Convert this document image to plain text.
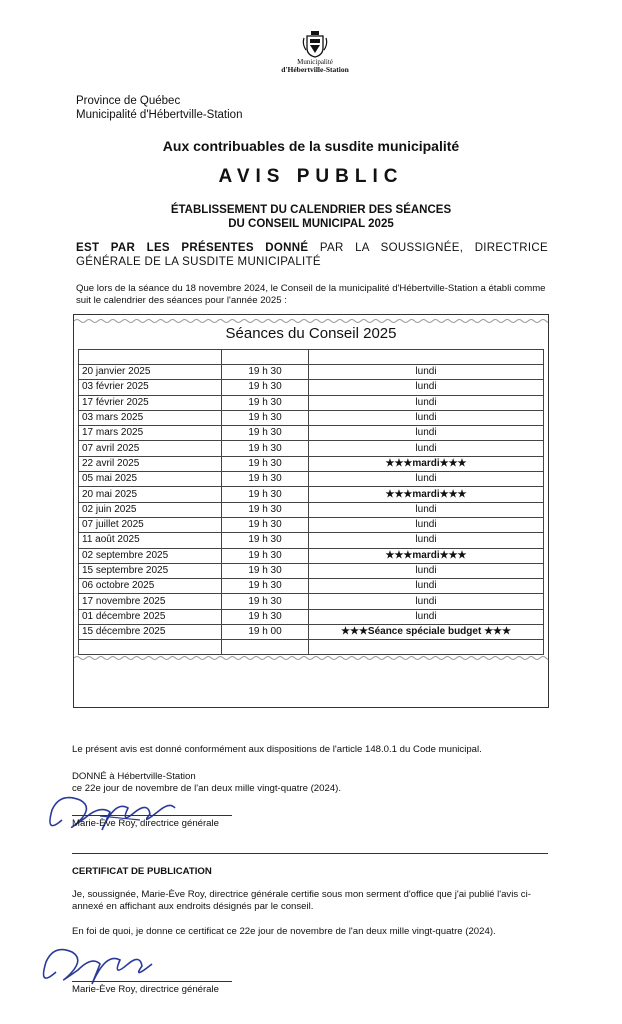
Municipalité
d'Hébertville-Station
Province de Québec
Municipalité d'Hébertville-Station
Aux contribuables de la susdite municipalité
AVIS PUBLIC
ÉTABLISSEMENT DU CALENDRIER DES SÉANCES
DU CONSEIL MUNICIPAL 2025
EST PAR LES PRÉSENTES DONNÉ PAR LA SOUSSIGNÉE, DIRECTRICE GÉNÉRALE DE LA SUSDITE MUNICIPALITÉ
Que lors de la séance du 18 novembre 2024, le Conseil de la municipalité d'Hébertville-Station a établi comme suit le calendrier des séances pour l'année 2025 :
Séances du Conseil 2025

20 janvier 2025	19 h 30	lundi
03 février 2025	19 h 30	lundi
17 février 2025	19 h 30	lundi
03 mars 2025	19 h 30	lundi
17 mars 2025	19 h 30	lundi
07 avril 2025	19 h 30	lundi
22 avril 2025	19 h 30	★★★mardi★★★
05 mai 2025	19 h 30	lundi
20 mai 2025	19 h 30	★★★mardi★★★
02 juin 2025	19 h 30	lundi
07 juillet 2025	19 h 30	lundi
11 août 2025	19 h 30	lundi
02 septembre 2025	19 h 30	★★★mardi★★★
15 septembre 2025	19 h 30	lundi
06 octobre 2025	19 h 30	lundi
17 novembre 2025	19 h 30	lundi
01 décembre 2025	19 h 30	lundi
15 décembre 2025	19 h 00	★★★Séance spéciale budget ★★★

Le présent avis est donné conformément aux dispositions de l'article 148.0.1 du Code municipal.
DONNÉ à Hébertville-Station
ce 22e jour de novembre de l'an deux mille vingt-quatre (2024).
Marie-Ève Roy, directrice générale
CERTIFICAT DE PUBLICATION
Je, soussignée, Marie-Ève Roy, directrice générale certifie sous mon serment d'office que j'ai publié l'avis ci-annexé en affichant aux endroits désignés par le conseil.
En foi de quoi, je donne ce certificat ce 22e jour de novembre de l'an deux mille vingt-quatre (2024).
Marie-Ève Roy, directrice générale
